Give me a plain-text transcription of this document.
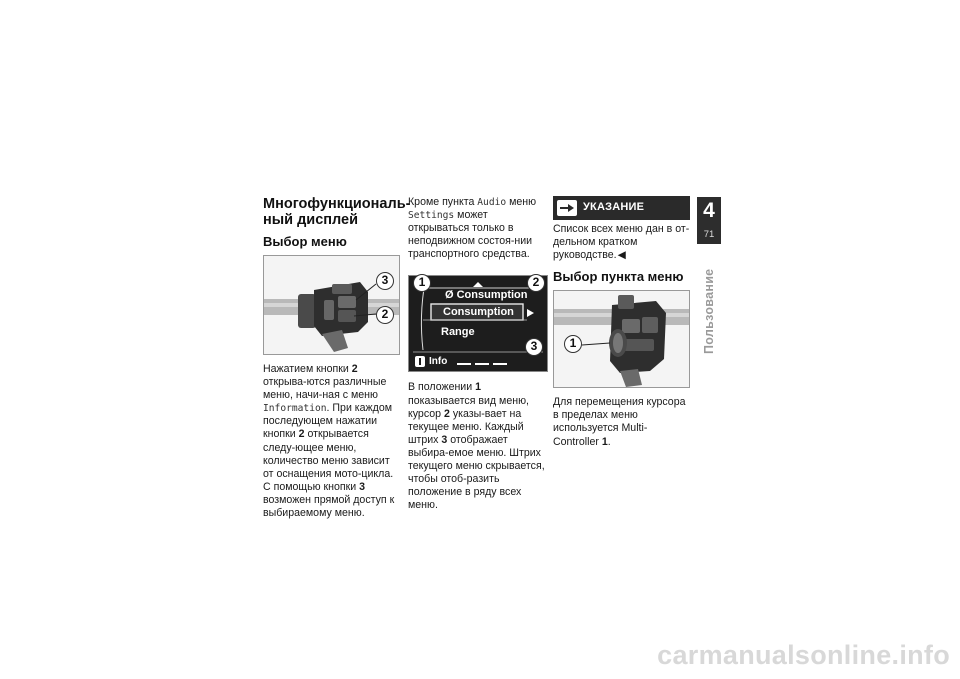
Многофункциональ-
ный дисплей
Выбор меню
3
2

Нажатием кнопки 2 открыва-ются различные меню, начи-ная с меню Information. При каждом последующем нажатии кнопки 2 открывается следу-ющее меню, количество меню зависит от оснащения мото-цикла.

С помощью кнопки 3 возможен прямой доступ к выбираемому меню.

Кроме пункта Audio меню Settings может открываться только в неподвижном состоя-нии транспортного средства.

Ø Consumption
Consumption
Range
Info
1	2
3

В положении 1 показывается вид меню, курсор 2 указы-вает на текущее меню. Каждый штрих 3 отображает выбира-емое меню. Штрих текущего меню скрывается, чтобы отоб-разить положение в ряду всех меню.

УКАЗАНИЕ

Список всех меню дан в от-дельном кратком руководстве.◀

Выбор пункта меню
1

Для перемещения курсора в пределах меню используется Multi-Controller 1.

4
71
Пользование
carmanualsonline.info
